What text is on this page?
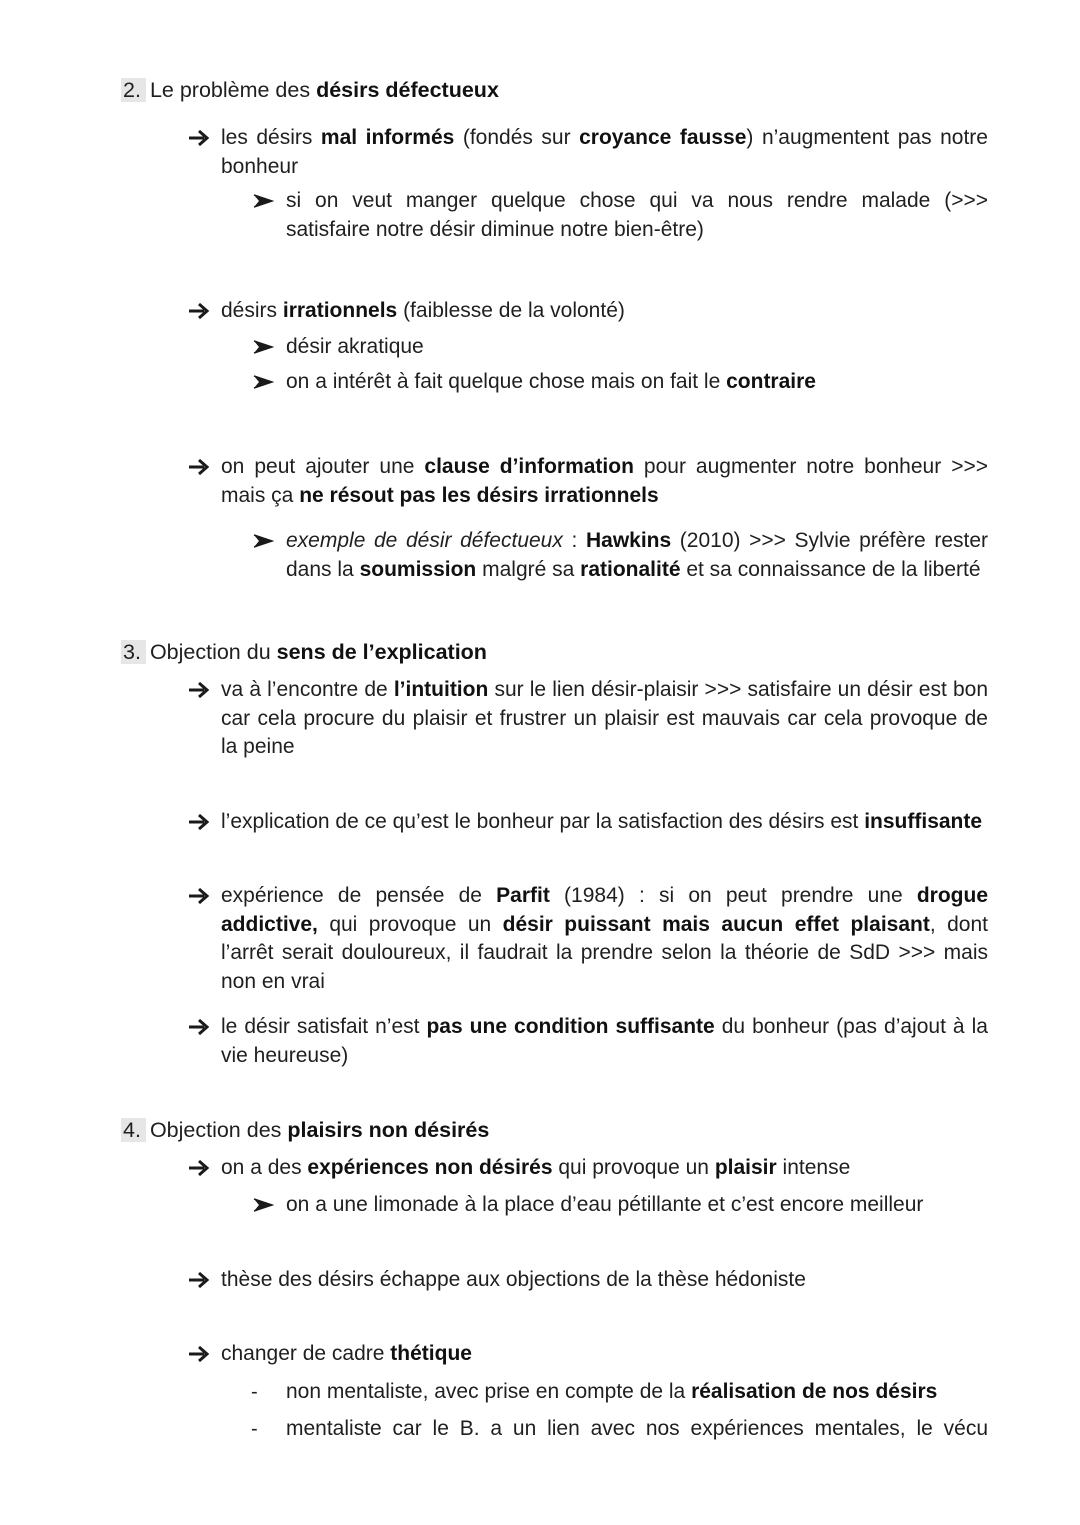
2. Le problème des désirs défectueux
les désirs mal informés (fondés sur croyance fausse) n’augmentent pas notre bonheur
si on veut manger quelque chose qui va nous rendre malade (>>> satisfaire notre désir diminue notre bien-être)
désirs irrationnels (faiblesse de la volonté)
désir akratique
on a intérêt à fait quelque chose mais on fait le contraire
on peut ajouter une clause d’information pour augmenter notre bonheur >>> mais ça ne résout pas les désirs irrationnels
exemple de désir défectueux : Hawkins (2010) >>> Sylvie préfère rester dans la soumission malgré sa rationalité et sa connaissance de la liberté
3. Objection du sens de l’explication
va à l’encontre de l’intuition sur le lien désir-plaisir >>> satisfaire un désir est bon car cela procure du plaisir et frustrer un plaisir est mauvais car cela provoque de la peine
l’explication de ce qu’est le bonheur par la satisfaction des désirs est insuffisante
expérience de pensée de Parfit (1984) : si on peut prendre une drogue addictive, qui provoque un désir puissant mais aucun effet plaisant, dont l’arrêt serait douloureux, il faudrait la prendre selon la théorie de SdD >>> mais non en vrai
le désir satisfait n’est pas une condition suffisante du bonheur (pas d’ajout à la vie heureuse)
4. Objection des plaisirs non désirés
on a des expériences non désirés qui provoque un plaisir intense
on a une limonade à la place d’eau pétillante et c’est encore meilleur
thèse des désirs échappe aux objections de la thèse hédoniste
changer de cadre thétique
- non mentaliste, avec prise en compte de la réalisation de nos désirs
- mentaliste car le B. a un lien avec nos expériences mentales, le vécu
